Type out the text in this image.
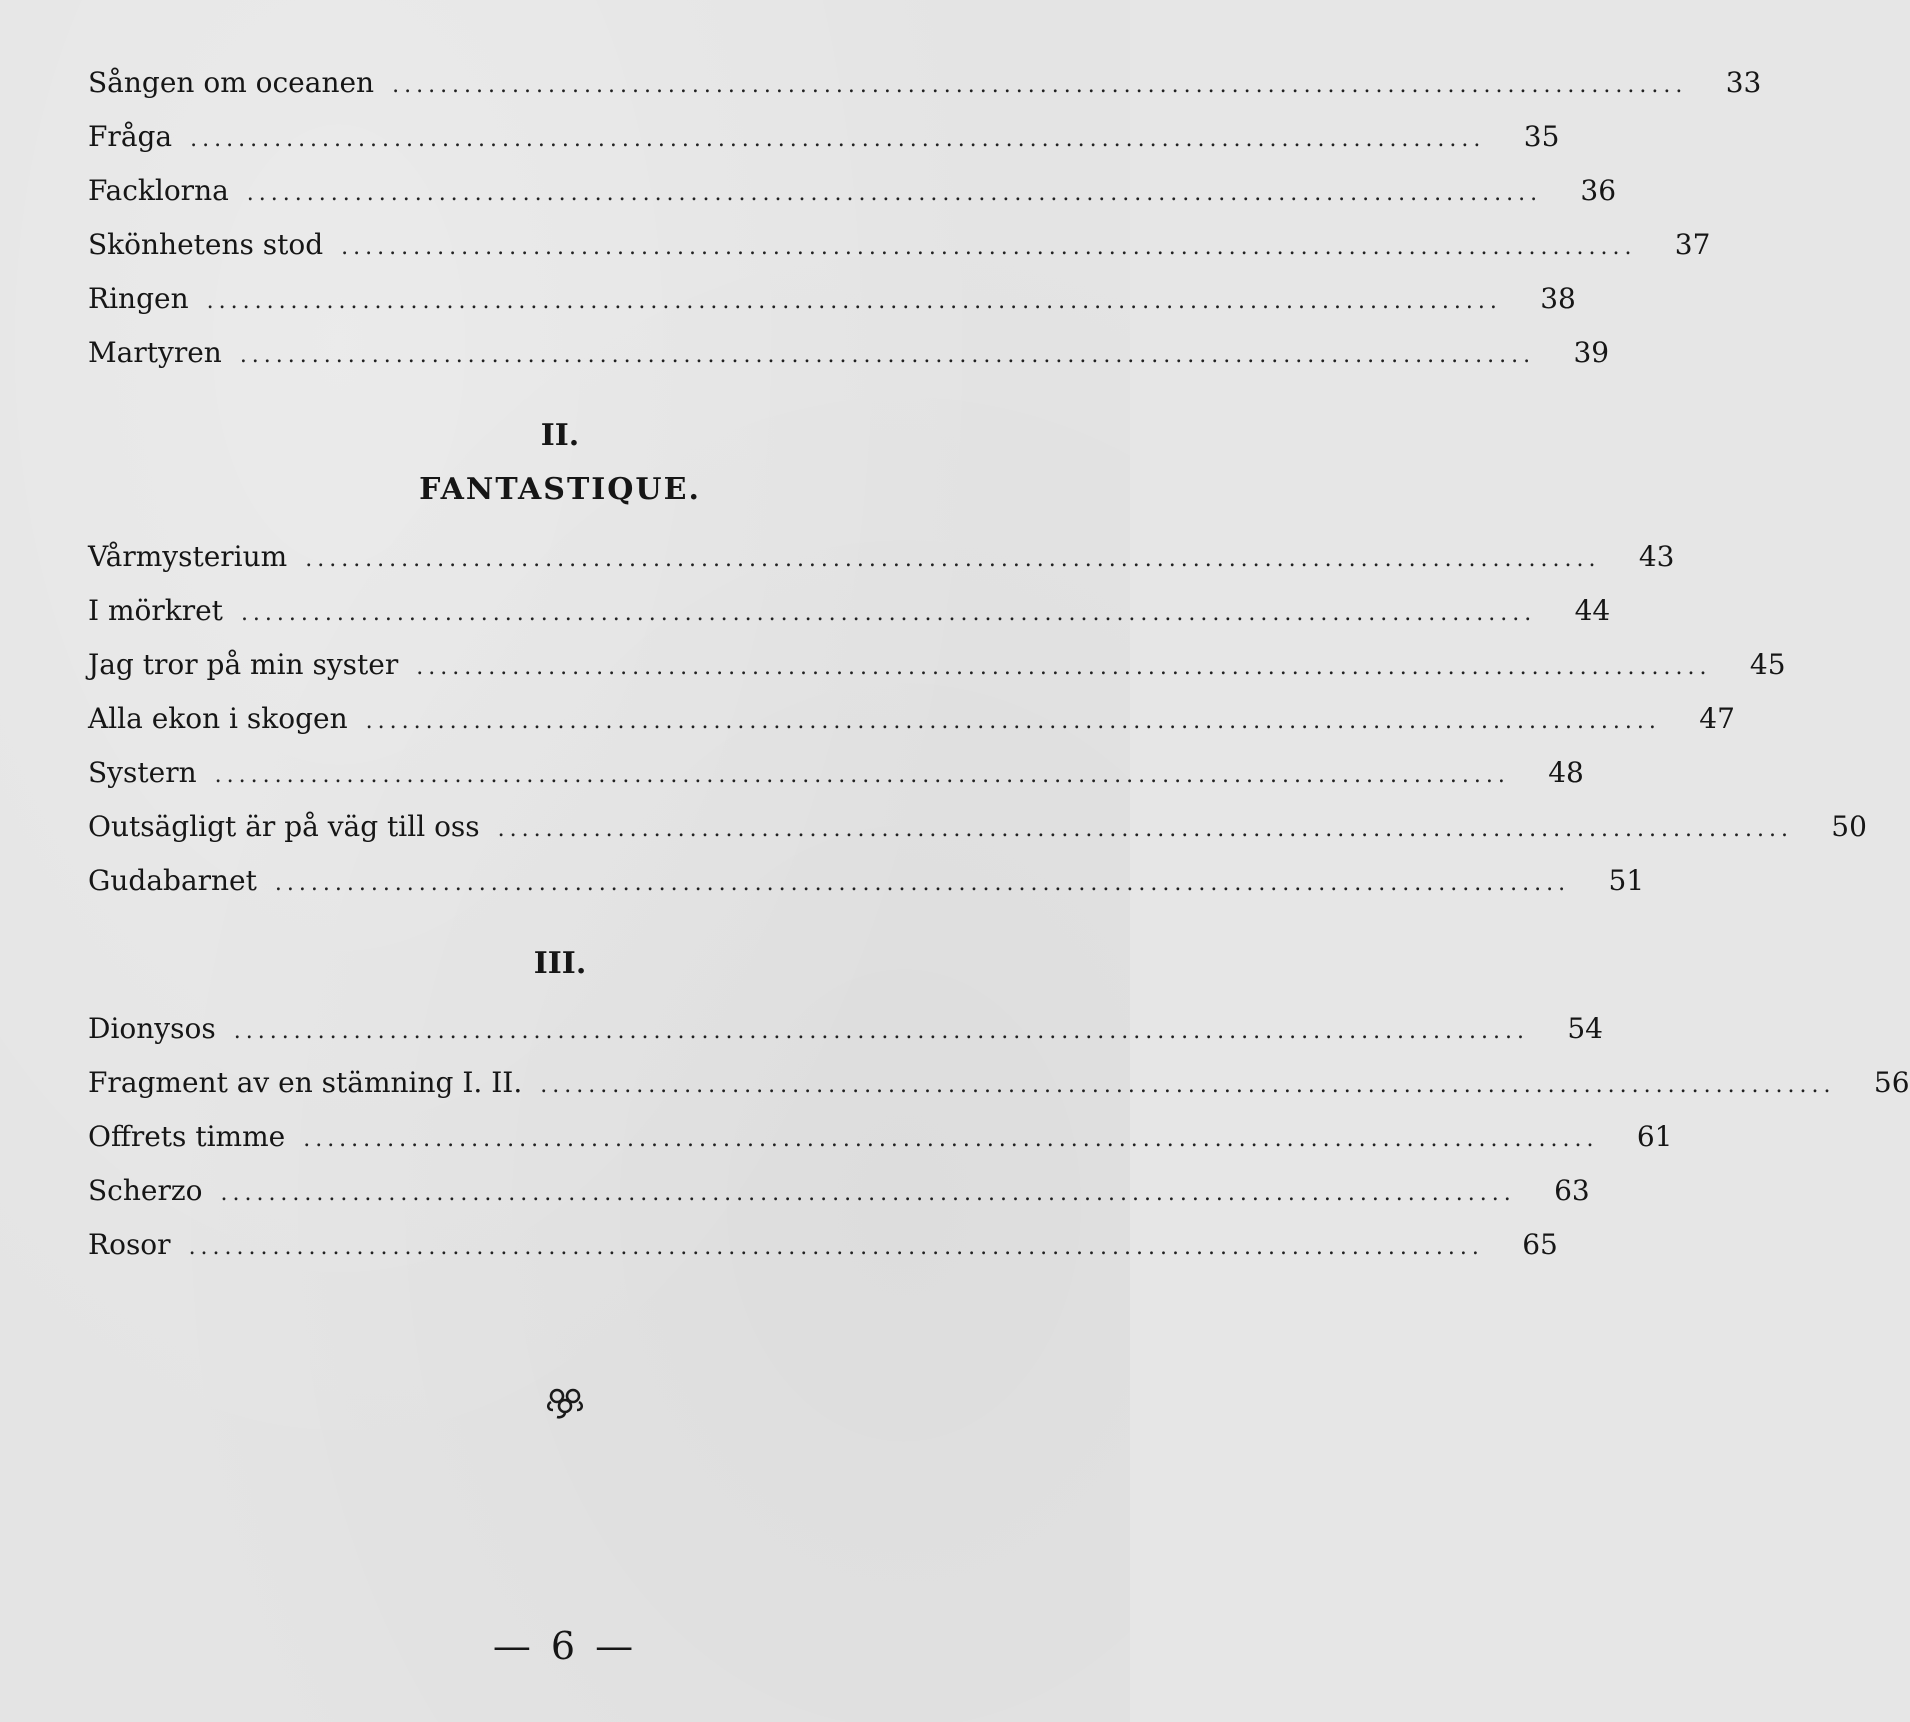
Sången om oceanen ............................................................................................................	33
Fråga ............................................................................................................	35
Facklorna ............................................................................................................	36
Skönhetens stod ............................................................................................................	37
Ringen ............................................................................................................	38
Martyren ............................................................................................................	39
II.
FANTASTIQUE.
Vårmysterium ............................................................................................................	43
I mörkret ............................................................................................................	44
Jag tror på min syster ............................................................................................................	45
Alla ekon i skogen ............................................................................................................	47
Systern ............................................................................................................	48
Outsägligt är på väg till oss ............................................................................................................	50
Gudabarnet ............................................................................................................	51
III.
Dionysos ............................................................................................................	54
Fragment av en stämning I. II. ............................................................................................................	56
Offrets timme ............................................................................................................	61
Scherzo ............................................................................................................	63
Rosor ............................................................................................................	65
— 6 —
